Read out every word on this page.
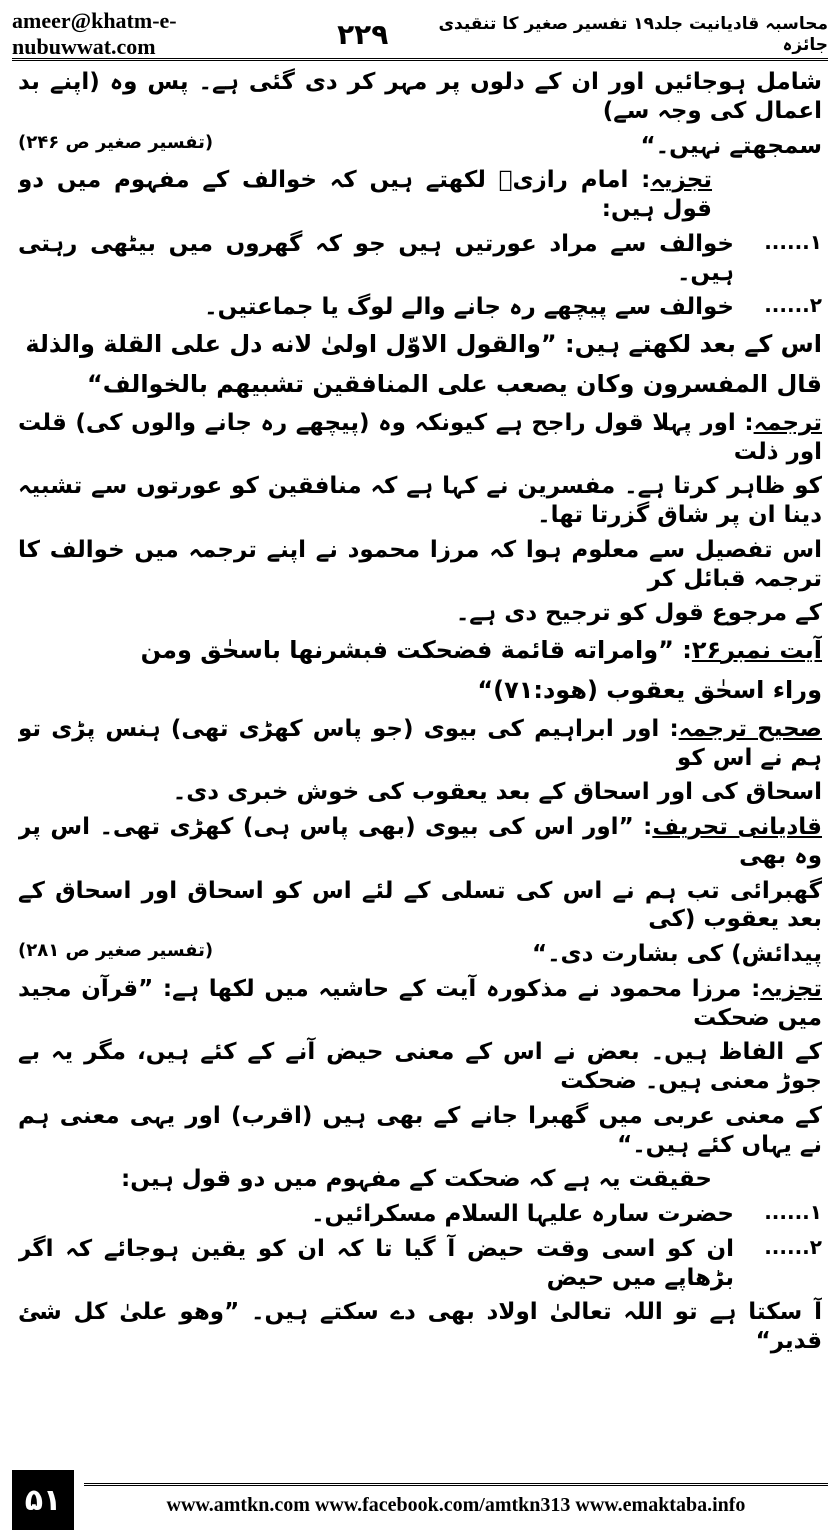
ameer@khatm-e-nubuwwat.com	۲۲۹	محاسبہ قادیانیت جلد۱۹ تفسیر صغیر کا تنقیدی جائزہ

شامل ہوجائیں اور ان کے دلوں پر مہر کر دی گئی ہے۔ پس وہ (اپنے بد اعمال کی وجہ سے)

سمجھتے نہیں۔“
(تفسیر صغیر ص ۲۴۶)

تجزیہ: امام رازیؒ لکھتے ہیں کہ خوالف کے مفہوم میں دو قول ہیں:

۱......
خوالف سے مراد عورتیں ہیں جو کہ گھروں میں بیٹھی رہتی ہیں۔
۲......
خوالف سے پیچھے رہ جانے والے لوگ یا جماعتیں۔

اس کے بعد لکھتے ہیں: ”والقول الاوّل اولیٰ لانه دل علی القلة والذلة

قال المفسرون وکان یصعب علی المنافقین تشبیهم بالخوالف“

ترجمہ: اور پہلا قول راجح ہے کیونکہ وہ (پیچھے رہ جانے والوں کی) قلت اور ذلت

کو ظاہر کرتا ہے۔ مفسرین نے کہا ہے کہ منافقین کو عورتوں سے تشبیہ دینا ان پر شاق گزرتا تھا۔

اس تفصیل سے معلوم ہوا کہ مرزا محمود نے اپنے ترجمہ میں خوالف کا ترجمہ قبائل کر

کے مرجوع قول کو ترجیح دی ہے۔

آیت نمبر۲۶: ”وامراته قائمة فضحکت فبشرنها باسحٰق ومن

وراء اسحٰق یعقوب (هود:۷۱)“

صحیح ترجمہ: اور ابراہیم کی بیوی (جو پاس کھڑی تھی) ہنس پڑی تو ہم نے اس کو

اسحاق کی اور اسحاق کے بعد یعقوب کی خوش خبری دی۔

قادیانی تحریف: ”اور اس کی بیوی (بھی پاس ہی) کھڑی تھی۔ اس پر وہ بھی

گھبرائی تب ہم نے اس کی تسلی کے لئے اس کو اسحاق اور اسحاق کے بعد یعقوب (کی

پیدائش) کی بشارت دی۔“
(تفسیر صغیر ص ۲۸۱)

تجزیہ: مرزا محمود نے مذکورہ آیت کے حاشیہ میں لکھا ہے: ”قرآن مجید میں ضحکت

کے الفاظ ہیں۔ بعض نے اس کے معنی حیض آنے کے کئے ہیں، مگر یہ بے جوڑ معنی ہیں۔ ضحکت

کے معنی عربی میں گھبرا جانے کے بھی ہیں (اقرب) اور یہی معنی ہم نے یہاں کئے ہیں۔“

حقیقت یہ ہے کہ ضحکت کے مفہوم میں دو قول ہیں:

۱......
حضرت سارہ علیہا السلام مسکرائیں۔
۲......
ان کو اسی وقت حیض آ گیا تا کہ ان کو یقین ہوجائے کہ اگر بڑھاپے میں حیض

آ سکتا ہے تو اللہ تعالیٰ اولاد بھی دے سکتے ہیں۔ ”وهو علیٰ کل شئ قدیر“

۵۱	www.amtkn.com www.facebook.com/amtkn313 www.emaktaba.info
